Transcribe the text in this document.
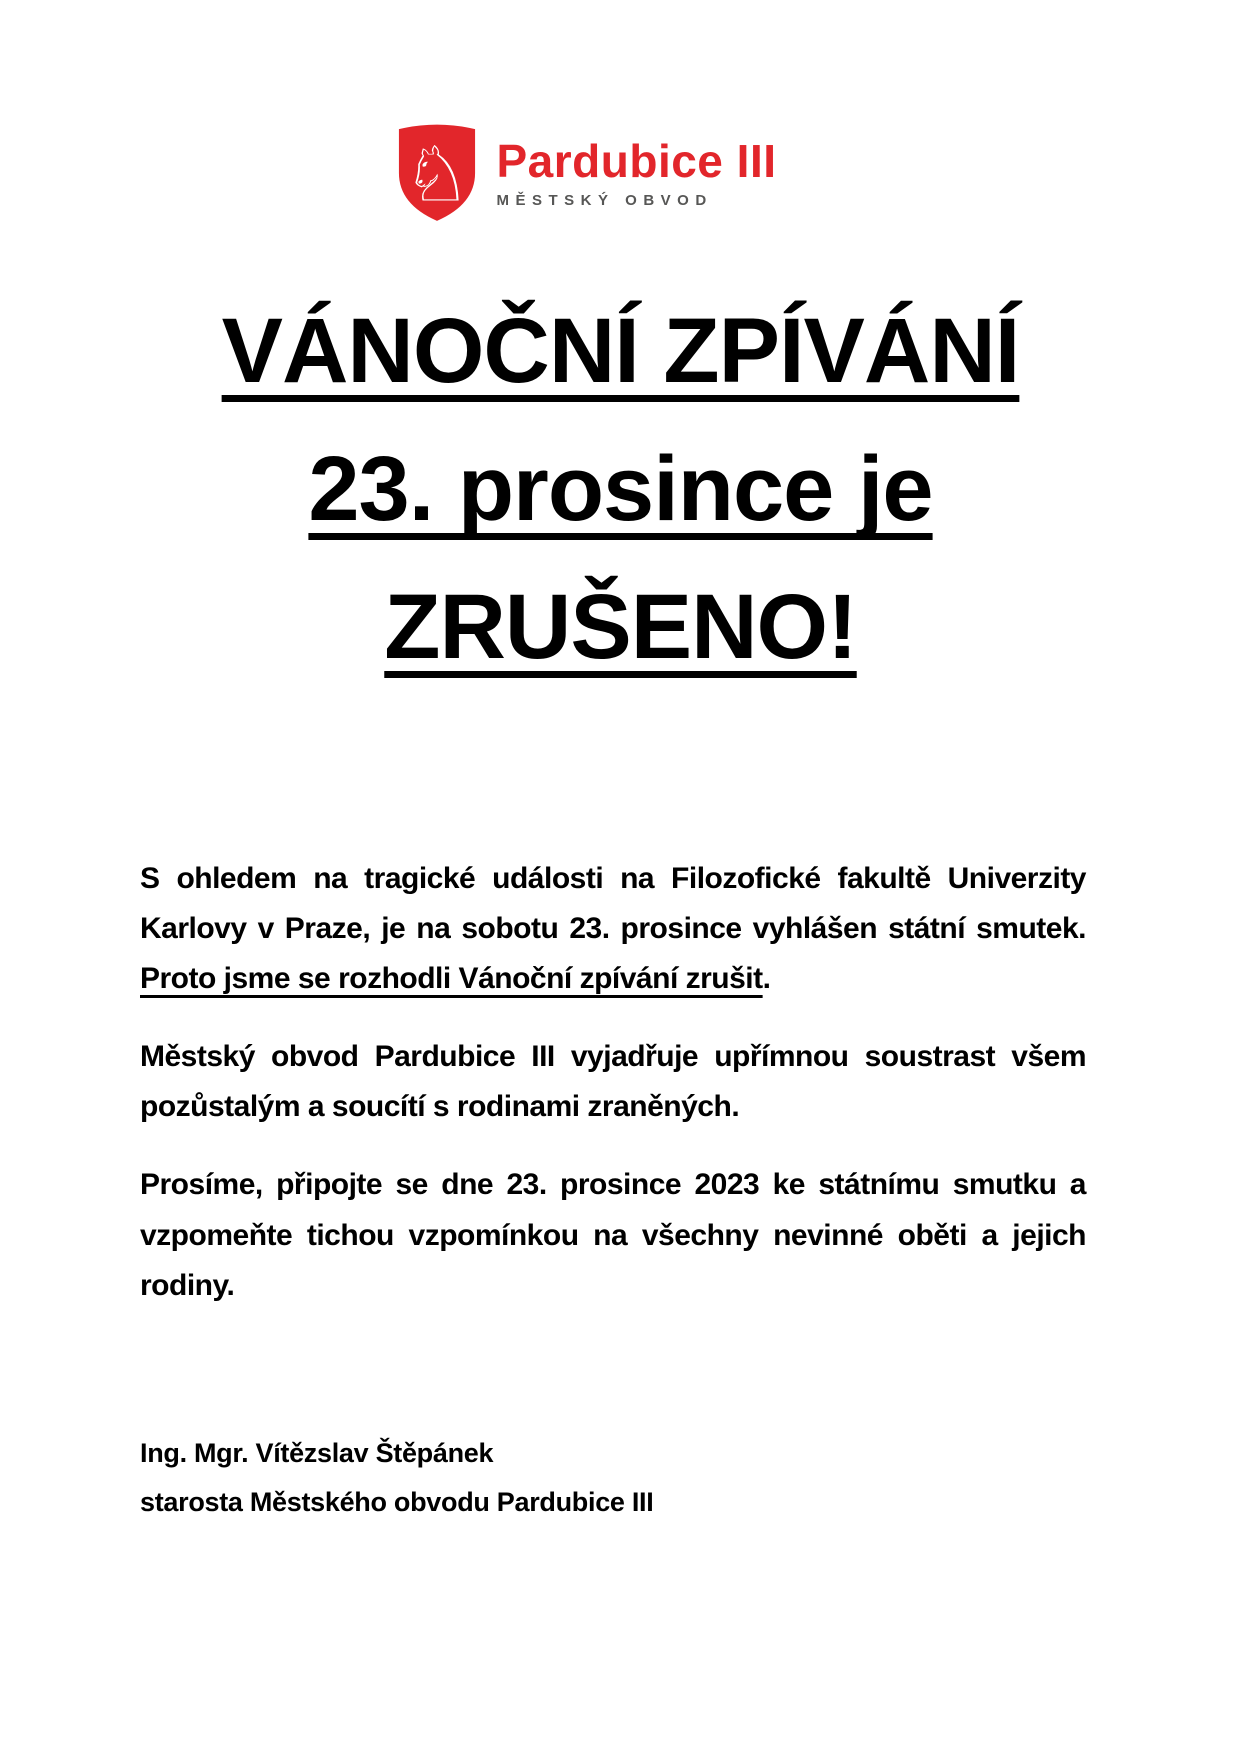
♘ Pardubice III
MĚSTSKÝ OBVOD
VÁNOČNÍ ZPÍVÁNÍ
23. prosince je
ZRUŠENO!

S ohledem na tragické události na Filozofické fakultě Univerzity Karlovy v Praze, je na sobotu 23. prosince vyhlášen státní smutek. Proto jsme se rozhodli Vánoční zpívání zrušit.

Městský obvod Pardubice III vyjadřuje upřímnou soustrast všem pozůstalým a soucítí s rodinami zraněných.

Prosíme, připojte se dne 23. prosince 2023 ke státnímu smutku a vzpomeňte tichou vzpomínkou na všechny nevinné oběti a jejich rodiny.

Ing. Mgr. Vítězslav Štěpánek
starosta Městského obvodu Pardubice III
